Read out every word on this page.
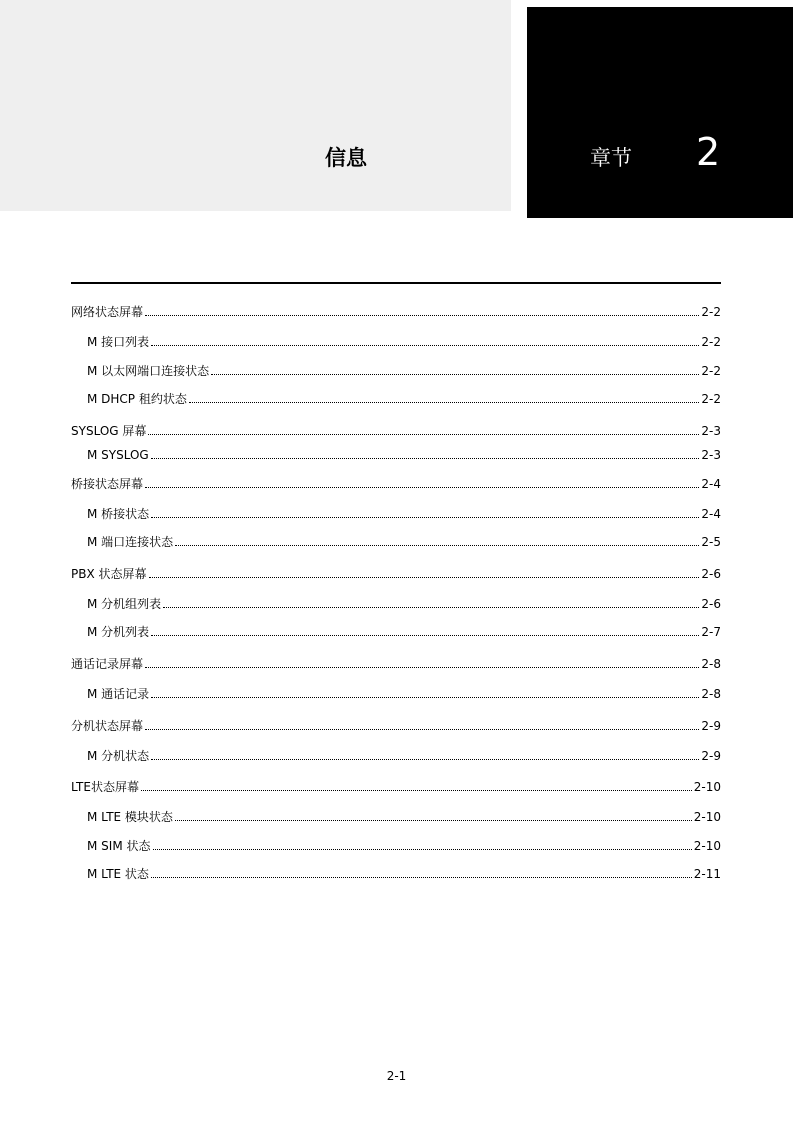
信息	章节 2
网络状态屏幕	2-2
M 接口列表	2-2
M 以太网端口连接状态	2-2
M DHCP 租约状态	2-2
SYSLOG 屏幕	2-3
M SYSLOG	2-3
桥接状态屏幕	2-4
M 桥接状态	2-4
M 端口连接状态	2-5
PBX 状态屏幕	2-6
M 分机组列表	2-6
M 分机列表	2-7
通话记录屏幕	2-8
M 通话记录	2-8
分机状态屏幕	2-9
M 分机状态	2-9
LTE状态屏幕	2-10
M LTE 模块状态	2-10
M SIM 状态	2-10
M LTE 状态	2-11
2-1
